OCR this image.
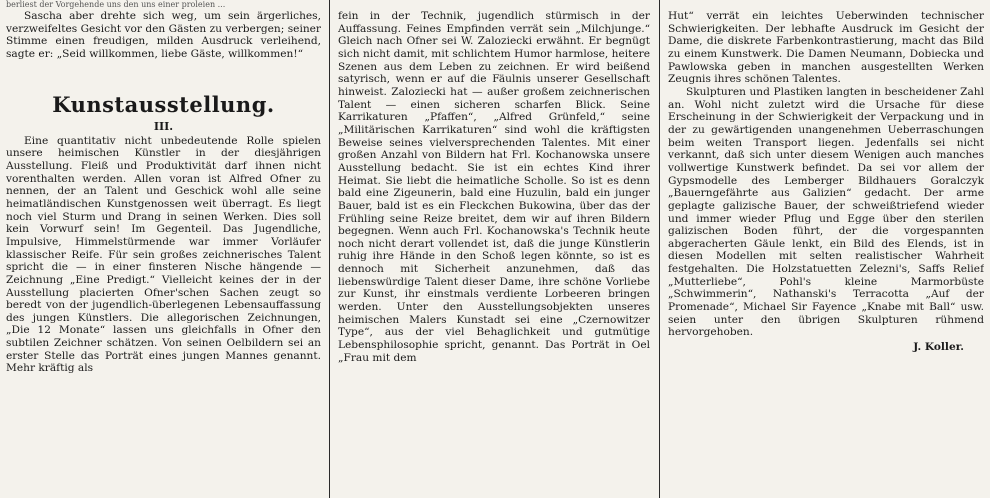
berliest der Vorgehende uns den uns einer proleien ...

Sascha aber drehte sich weg, um sein ärgerliches, verzweifeltes Gesicht vor den Gästen zu verbergen; seiner Stimme einen freudigen, milden Ausdruck verleihend, sagte er: „Seid willkommen, liebe Gäste, willkommen!“

Kunstausstellung.
III.

Eine quantitativ nicht unbedeutende Rolle spielen unsere heimischen Künstler in der diesjährigen Ausstellung. Fleiß und Produktivität darf ihnen nicht vorenthalten werden. Allen voran ist Alfred Ofner zu nennen, der an Talent und Geschick wohl alle seine heimatländischen Kunstgenossen weit überragt. Es liegt noch viel Sturm und Drang in seinen Werken. Dies soll kein Vorwurf sein! Im Gegenteil. Das Jugendliche, Impulsive, Himmelstürmende war immer Vorläufer klassischer Reife. Für sein großes zeichnerisches Talent spricht die — in einer finsteren Nische hängende — Zeichnung „Eine Predigt.“ Vielleicht keines der in der Ausstellung placierten Ofner'schen Sachen zeugt so beredt von der jugendlich-überlegenen Lebensauffassung des jungen Künstlers. Die allegorischen Zeichnungen, „Die 12 Monate“ lassen uns gleichfalls in Ofner den subtilen Zeichner schätzen. Von seinen Oelbildern sei an erster Stelle das Porträt eines jungen Mannes genannt. Mehr kräftig als

fein in der Technik, jugendlich stürmisch in der Auffassung. Feines Empfinden verrät sein „Milchjunge.“ Gleich nach Ofner sei W. Zaloziecki erwähnt. Er begnügt sich nicht damit, mit schlichtem Humor harmlose, heitere Szenen aus dem Leben zu zeichnen. Er wird beißend satyrisch, wenn er auf die Fäulnis unserer Gesellschaft hinweist. Zaloziecki hat — außer großem zeichnerischen Talent — einen sicheren scharfen Blick. Seine Karrikaturen „Pfaffen“, „Alfred Grünfeld,“ seine „Militärischen Karrikaturen“ sind wohl die kräftigsten Beweise seines vielversprechenden Talentes. Mit einer großen Anzahl von Bildern hat Frl. Kochanowska unsere Ausstellung bedacht. Sie ist ein echtes Kind ihrer Heimat. Sie liebt die heimatliche Scholle. So ist es denn bald eine Zigeunerin, bald eine Huzulin, bald ein junger Bauer, bald ist es ein Fleckchen Bukowina, über das der Frühling seine Reize breitet, dem wir auf ihren Bildern begegnen. Wenn auch Frl. Kochanowska's Technik heute noch nicht derart vollendet ist, daß die junge Künstlerin ruhig ihre Hände in den Schoß legen könnte, so ist es dennoch mit Sicherheit anzunehmen, daß das liebenswürdige Talent dieser Dame, ihre schöne Vorliebe zur Kunst, ihr einstmals verdiente Lorbeeren bringen werden. Unter den Ausstellungsobjekten unseres heimischen Malers Kunstadt sei eine „Czernowitzer Type“, aus der viel Behaglichkeit und gutmütige Lebensphilosophie spricht, genannt. Das Porträt in Oel „Frau mit dem

Hut“ verrät ein leichtes Ueberwinden technischer Schwierigkeiten. Der lebhafte Ausdruck im Gesicht der Dame, die diskrete Farbenkontrastierung, macht das Bild zu einem Kunstwerk. Die Damen Neumann, Dobiecka und Pawlowska geben in manchen ausgestellten Werken Zeugnis ihres schönen Talentes.

Skulpturen und Plastiken langten in bescheidener Zahl an. Wohl nicht zuletzt wird die Ursache für diese Erscheinung in der Schwierigkeit der Verpackung und in der zu gewärtigenden unangenehmen Ueberraschungen beim weiten Transport liegen. Jedenfalls sei nicht verkannt, daß sich unter diesem Wenigen auch manches vollwertige Kunstwerk befindet. Da sei vor allem der Gypsmodelle des Lemberger Bildhauers Goralczyk „Bauerngefährte aus Galizien“ gedacht. Der arme geplagte galizische Bauer, der schweißtriefend wieder und immer wieder Pflug und Egge über den sterilen galizischen Boden führt, der die vorgespannten abgeracherten Gäule lenkt, ein Bild des Elends, ist in diesen Modellen mit selten realistischer Wahrheit festgehalten. Die Holzstatuetten Zelezni's, Saffs Relief „Mutterliebe“, Pohl's kleine Marmorbüste „Schwimmerin“, Nathanski's Terracotta „Auf der Promenade“, Michael Sir Fayence „Knabe mit Ball“ usw. seien unter den übrigen Skulpturen rühmend hervorgehoben.

J. Koller.
